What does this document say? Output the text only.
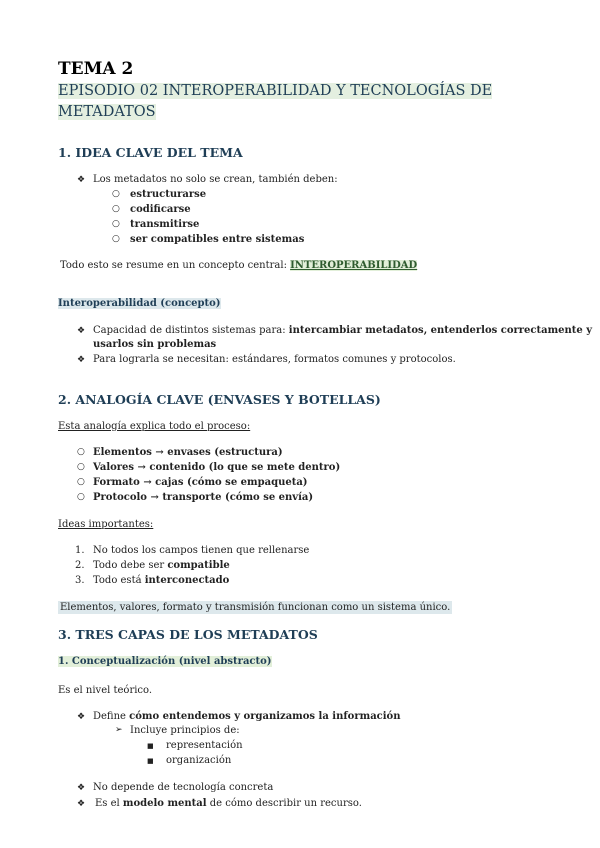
TEMA 2
EPISODIO 02 INTEROPERABILIDAD Y TECNOLOGÍAS DE METADATOS
1. IDEA CLAVE DEL TEMA
❖ Los metadatos no solo se crean, también deben:
○ estructurarse
○ codificarse
○ transmitirse
○ ser compatibles entre sistemas
Todo esto se resume en un concepto central: INTEROPERABILIDAD
Interoperabilidad (concepto)
❖ Capacidad de distintos sistemas para: intercambiar metadatos, entenderlos correctamente y
usarlos sin problemas
❖ Para lograrla se necesitan: estándares, formatos comunes y protocolos.
2. ANALOGÍA CLAVE (ENVASES Y BOTELLAS)
Esta analogía explica todo el proceso:
○ Elementos → envases (estructura)
○ Valores → contenido (lo que se mete dentro)
○ Formato → cajas (cómo se empaqueta)
○ Protocolo → transporte (cómo se envía)
Ideas importantes:
1. No todos los campos tienen que rellenarse
2. Todo debe ser compatible
3. Todo está interconectado
Elementos, valores, formato y transmisión funcionan como un sistema único.
3. TRES CAPAS DE LOS METADATOS
1. Conceptualización (nivel abstracto)
Es el nivel teórico.
❖ Define cómo entendemos y organizamos la información
➢ Incluye principios de:
■ representación
■ organización
❖ No depende de tecnología concreta
❖ Es el modelo mental de cómo describir un recurso.
